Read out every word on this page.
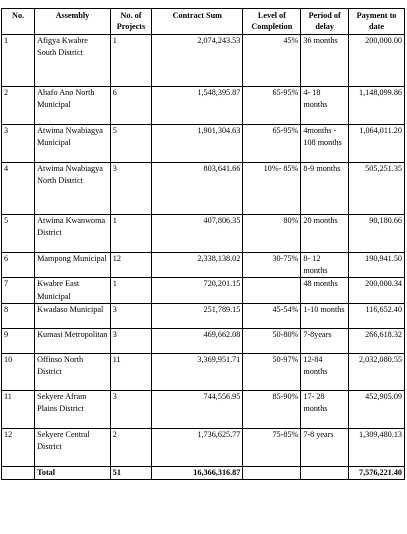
No.	Assembly	No. of Projects	Contract Sum	Level of Completion	Period of delay	Payment to date
1	Afigya Kwabre South District	1	2,074,243.53	45%	36 months	200,000.00
2	Ahafo Ano North Municipal	6	1,548,395.87	65-95%	4- 18 months	1,148,099.86
3	Atwima Nwabiagya Municipal	5	1,901,304.63	65-95%	4months - 108 months	1,064,011.20
4	Atwima Nwabiagya North District	3	803,641.66	10%- 85%	8-9 months	505,251.35
5	Atwima Kwanwoma District	1	407,806.35	80%	20 months	90,180.66
6	Mampong Municipal	12	2,338,138.02	30-75%	8- 12 months	190,941.50
7	Kwabre East Municipal	1	720,201.15		48 months	200,000.34
8	Kwadaso Municipal	3	251,789.15	45-54%	1-10 months	116,652.40
9	Kumasi Metropolitan	3	469,662.08	50-80%	7-8years	266,618.32
10	Offinso North District	11	3,369,951.71	50-97%	12-84 months	2,032,080.55
11	Sekyere Afram Plains District	3	744,556.95	85-90%	17- 28 months	452,905.09
12	Sekyere Central District	2	1,736,625.77	75-85%	7-8 years	1,309,480.13
	Total	51	16,366,316.87			7,576,221.40
